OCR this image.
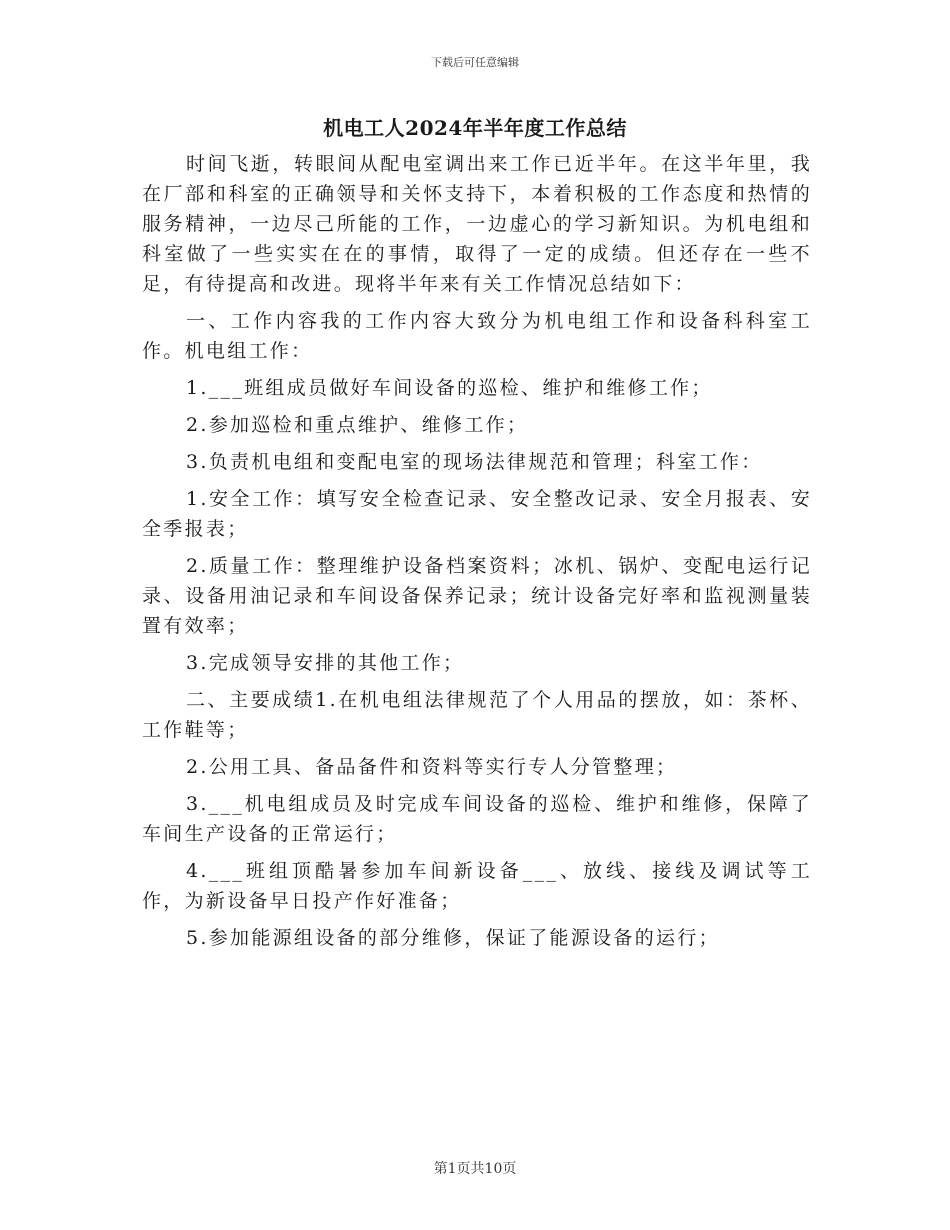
下载后可任意编辑
机电工人2024年半年度工作总结

时间飞逝，转眼间从配电室调出来工作已近半年。在这半年里，我在厂部和科室的正确领导和关怀支持下，本着积极的工作态度和热情的服务精神，一边尽己所能的工作，一边虚心的学习新知识。为机电组和科室做了一些实实在在的事情，取得了一定的成绩。但还存在一些不足，有待提高和改进。现将半年来有关工作情况总结如下：

一、工作内容我的工作内容大致分为机电组工作和设备科科室工作。机电组工作：

1.___班组成员做好车间设备的巡检、维护和维修工作；

2.参加巡检和重点维护、维修工作；

3.负责机电组和变配电室的现场法律规范和管理；科室工作：

1.安全工作：填写安全检查记录、安全整改记录、安全月报表、安全季报表；

2.质量工作：整理维护设备档案资料；冰机、锅炉、变配电运行记录、设备用油记录和车间设备保养记录；统计设备完好率和监视测量装置有效率；

3.完成领导安排的其他工作；

二、主要成绩1.在机电组法律规范了个人用品的摆放，如：茶杯、工作鞋等；

2.公用工具、备品备件和资料等实行专人分管整理；

3.___机电组成员及时完成车间设备的巡检、维护和维修，保障了车间生产设备的正常运行；

4.___班组顶酷暑参加车间新设备___、放线、接线及调试等工作，为新设备早日投产作好准备；

5.参加能源组设备的部分维修，保证了能源设备的运行；

第1页共10页
